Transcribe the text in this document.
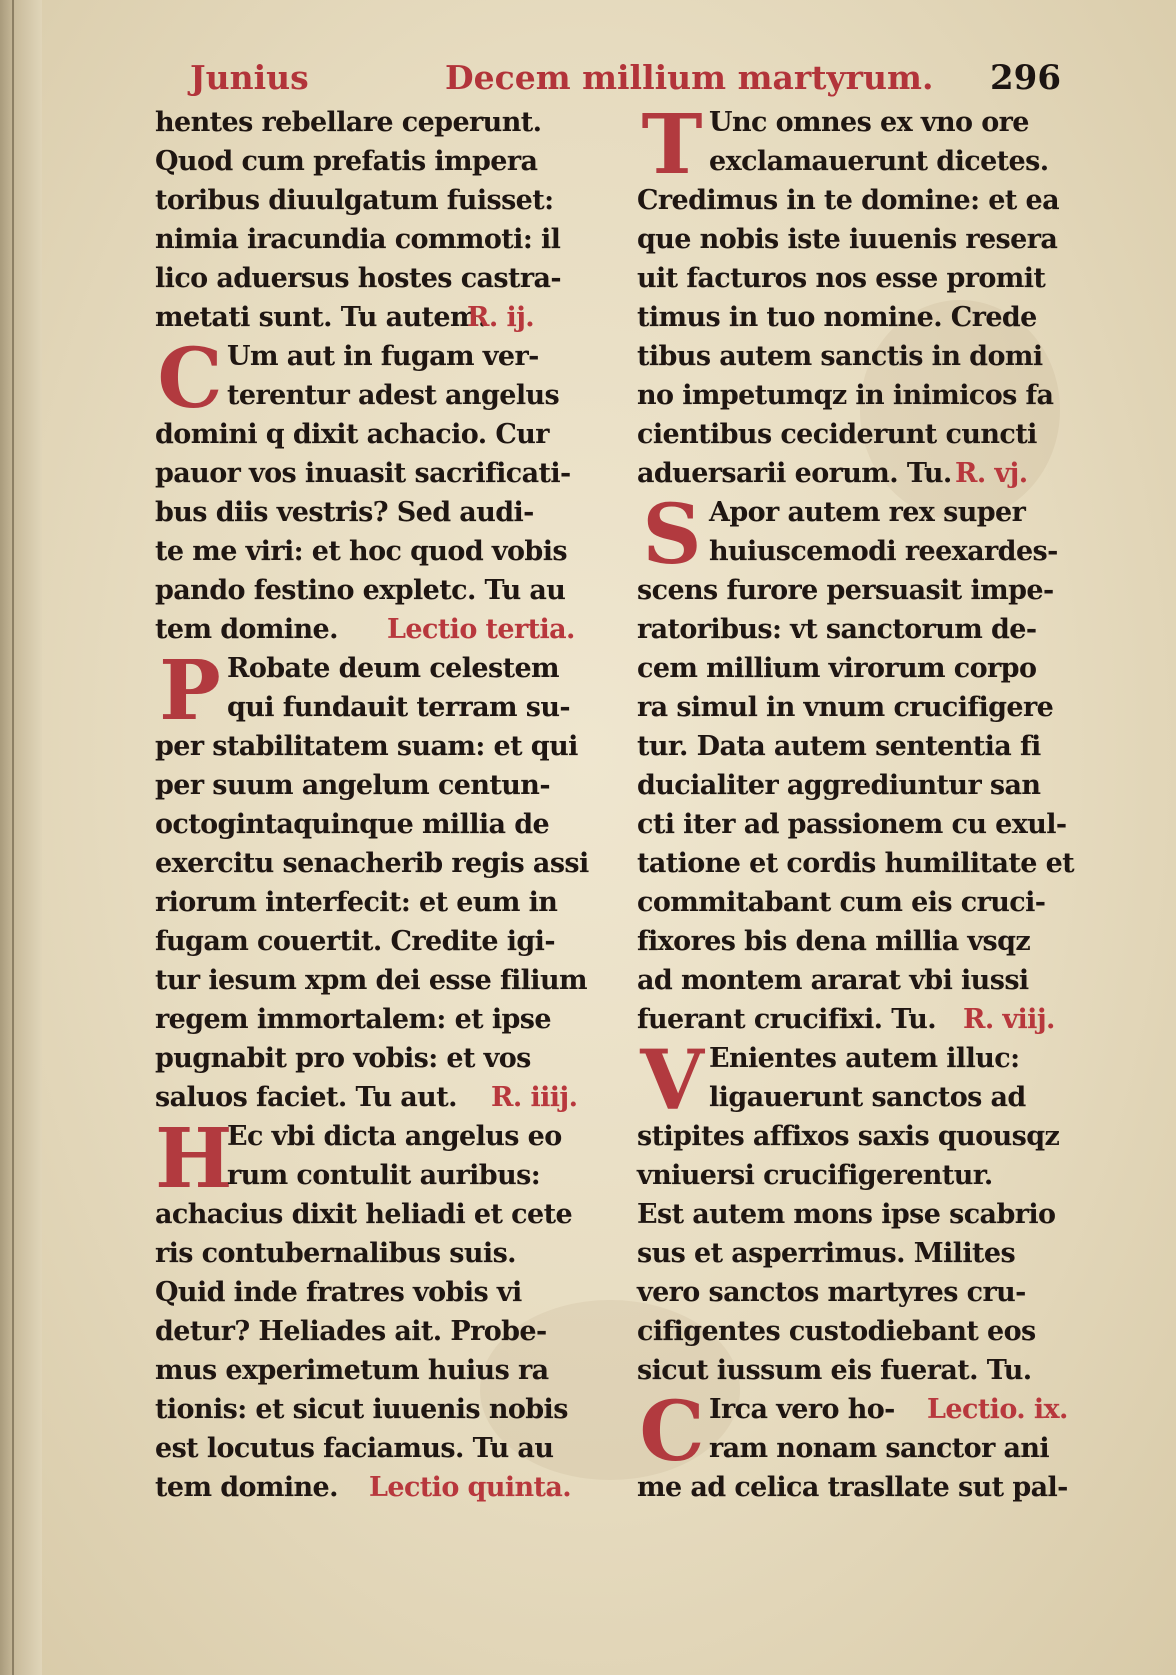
Junius	Decem millium martyrum. 296
hentes rebellare ceperunt.
Quod cum prefatis impera
toribus diuulgatum fuisset:
nimia iracundia commoti: il
lico aduersus hostes castra-
metati sunt. Tu autem.
R. ij.
C Um aut in fugam ver-
terentur adest angelus
domini q dixit achacio. Cur
pauor vos inuasit sacrificati-
bus diis vestris? Sed audi-
te me viri: et hoc quod vobis
pando festino expletc. Tu au
tem domine.	Lectio tertia.
P Robate deum celestem
qui fundauit terram su-
per stabilitatem suam: et qui
per suum angelum centun-
octogintaquinque millia de
exercitu senacherib regis assi
riorum interfecit: et eum in
fugam couertit. Credite igi-
tur iesum xpm dei esse filium
regem immortalem: et ipse
pugnabit pro vobis: et vos
saluos faciet. Tu aut.	R. iiij.
H
Ec vbi dicta angelus eo
rum contulit auribus:
achacius dixit heliadi et cete
ris contubernalibus suis.
Quid inde fratres vobis vi
detur? Heliades ait. Probe-
mus experimetum huius ra
tionis: et sicut iuuenis nobis
est locutus faciamus. Tu au
tem domine.	Lectio quinta.
T Unc omnes ex vno ore
exclamauerunt dicetes.
Credimus in te domine: et ea
que nobis iste iuuenis resera
uit facturos nos esse promit
timus in tuo nomine. Crede
tibus autem sanctis in domi
no impetumqz in inimicos fa
cientibus ceciderunt cuncti
aduersarii eorum. Tu. R. vj.
S Apor autem rex super
huiuscemodi reexardes-
scens furore persuasit impe-
ratoribus: vt sanctorum de-
cem millium virorum corpo
ra simul in vnum crucifigere
tur. Data autem sententia fi
ducialiter aggrediuntur san
cti iter ad passionem cu exul-
tatione et cordis humilitate et
commitabant cum eis cruci-
fixores bis dena millia vsqz
ad montem ararat vbi iussi
fuerant crucifixi. Tu. R. viij.
V Enientes autem illuc:
ligauerunt sanctos ad
stipites affixos saxis quousqz
vniuersi crucifigerentur.
Est autem mons ipse scabrio
sus et asperrimus. Milites
vero sanctos martyres cru-
cifigentes custodiebant eos
sicut iussum eis fuerat. Tu.
C Irca vero ho-	Lectio. ix.
ram nonam sanctor ani
me ad celica trasllate sut pal-
